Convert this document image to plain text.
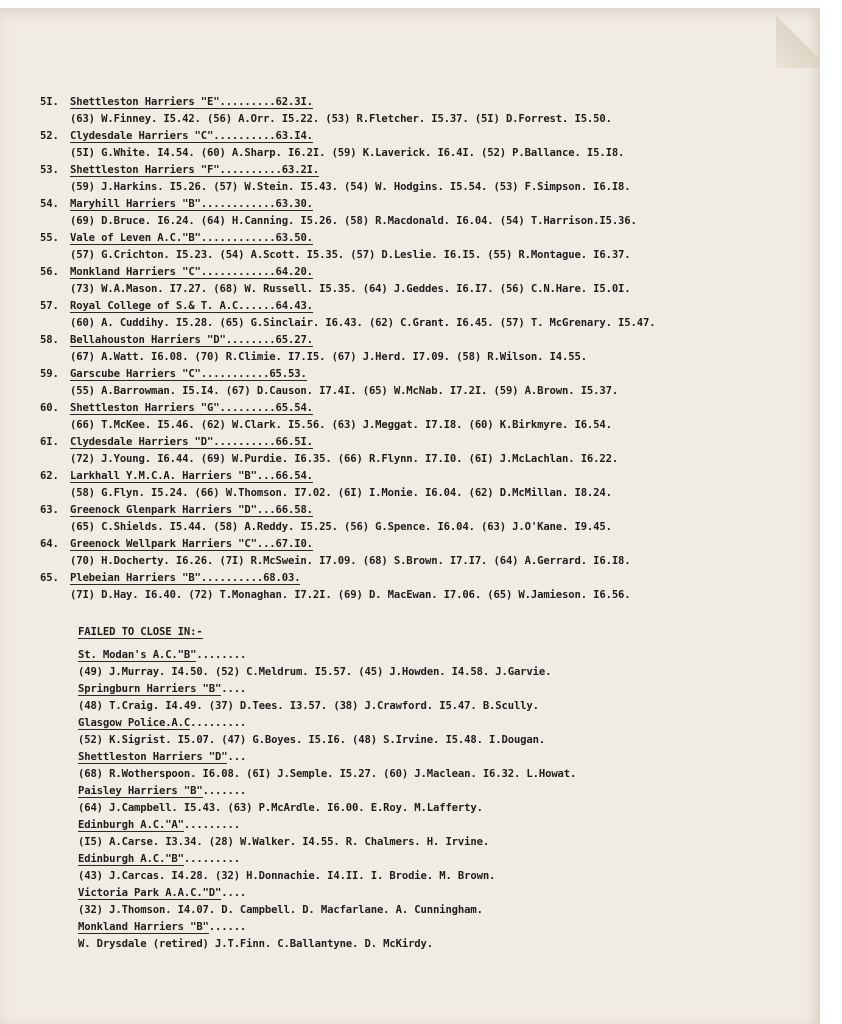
5I. Shettleston Harriers "E".........62.3I.
(63) W.Finney. I5.42. (56) A.Orr. I5.22. (53) R.Fletcher. I5.37. (5I) D.Forrest. I5.50.
52. Clydesdale Harriers "C"..........63.I4.
(5I) G.White. I4.54. (60) A.Sharp. I6.2I. (59) K.Laverick. I6.4I. (52) P.Ballance. I5.I8.
53. Shettleston Harriers "F"..........63.2I.
(59) J.Harkins. I5.26. (57) W.Stein. I5.43. (54) W. Hodgins. I5.54. (53) F.Simpson. I6.I8.
54. Maryhill Harriers "B"............63.30.
(69) D.Bruce. I6.24. (64) H.Canning. I5.26. (58) R.Macdonald. I6.04. (54) T.Harrison.I5.36.
55. Vale of Leven A.C."B"............63.50.
(57) G.Crichton. I5.23. (54) A.Scott. I5.35. (57) D.Leslie. I6.I5. (55) R.Montague. I6.37.
56. Monkland Harriers "C"............64.20.
(73) W.A.Mason. I7.27. (68) W. Russell. I5.35. (64) J.Geddes. I6.I7. (56) C.N.Hare. I5.0I.
57. Royal College of S.& T. A.C......64.43.
(60) A. Cuddihy. I5.28. (65) G.Sinclair. I6.43. (62) C.Grant. I6.45. (57) T. McGrenary. I5.47.
58. Bellahouston Harriers "D"........65.27.
(67) A.Watt. I6.08. (70) R.Climie. I7.I5. (67) J.Herd. I7.09. (58) R.Wilson. I4.55.
59. Garscube Harriers "C"...........65.53.
(55) A.Barrowman. I5.I4. (67) D.Causon. I7.4I. (65) W.McNab. I7.2I. (59) A.Brown. I5.37.
60. Shettleston Harriers "G".........65.54.
(66) T.McKee. I5.46. (62) W.Clark. I5.56. (63) J.Meggat. I7.I8. (60) K.Birkmyre. I6.54.
6I. Clydesdale Harriers "D"..........66.5I.
(72) J.Young. I6.44. (69) W.Purdie. I6.35. (66) R.Flynn. I7.I0. (6I) J.McLachlan. I6.22.
62. Larkhall Y.M.C.A. Harriers "B"...66.54.
(58) G.Flyn. I5.24. (66) W.Thomson. I7.02. (6I) I.Monie. I6.04. (62) D.McMillan. I8.24.
63. Greenock Glenpark Harriers "D"...66.58.
(65) C.Shields. I5.44. (58) A.Reddy. I5.25. (56) G.Spence. I6.04. (63) J.O'Kane. I9.45.
64. Greenock Wellpark Harriers "C"...67.I0.
(70) H.Docherty. I6.26. (7I) R.McSwein. I7.09. (68) S.Brown. I7.I7. (64) A.Gerrard. I6.I8.
65. Plebeian Harriers "B"..........68.03.
(7I) D.Hay. I6.40. (72) T.Monaghan. I7.2I. (69) D. MacEwan. I7.06. (65) W.Jamieson. I6.56.
FAILED TO CLOSE IN:-
St. Modan's A.C."B"........
(49) J.Murray. I4.50. (52) C.Meldrum. I5.57. (45) J.Howden. I4.58. J.Garvie.
Springburn Harriers "B"....
(48) T.Craig. I4.49. (37) D.Tees. I3.57. (38) J.Crawford. I5.47. B.Scully.
Glasgow Police.A.C.........
(52) K.Sigrist. I5.07. (47) G.Boyes. I5.I6. (48) S.Irvine. I5.48. I.Dougan.
Shettleston Harriers "D"...
(68) R.Wotherspoon. I6.08. (6I) J.Semple. I5.27. (60) J.Maclean. I6.32. L.Howat.
Paisley Harriers "B".......
(64) J.Campbell. I5.43. (63) P.McArdle. I6.00. E.Roy. M.Lafferty.
Edinburgh A.C."A".........
(I5) A.Carse. I3.34. (28) W.Walker. I4.55. R. Chalmers. H. Irvine.
Edinburgh A.C."B".........
(43) J.Carcas. I4.28. (32) H.Donnachie. I4.II. I. Brodie. M. Brown.
Victoria Park A.A.C."D"....
(32) J.Thomson. I4.07. D. Campbell. D. Macfarlane. A. Cunningham.
Monkland Harriers "B"......
W. Drysdale (retired) J.T.Finn. C.Ballantyne. D. McKirdy.
